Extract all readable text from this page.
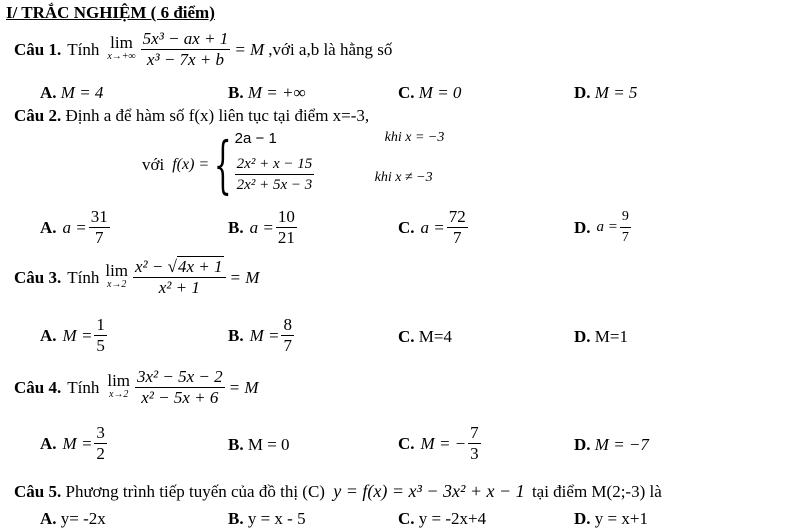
I/ TRẮC NGHIỆM ( 6 điểm)
Câu 1. Tính lim
$x\to+\infty \frac{\text{5x³ − ax + 1}}{\text{x³ − 7x + b}} = M$ ,với a,b là hằng số
A. M = 4	B. M = +∞	C. M = 0	D. M = 5
Câu 2. Định a để hàm số f(x) liên tục tại điểm x=-3,
với f(x) = { 2a − 1	khi x = −3
$\frac{\text{2x² + x − 15}}{\text{2x² + 5x − 3}}$	khi x ≠ −3
A. $a = \frac{31}{7}$	B. $a = \frac{10}{21}$	C. $a = \frac{72}{7}$	D. $a = \frac{9}{7}$
Câu 3. Tính lim
$x\to 2 \frac{\text{x² − √4x + 1}}{\text{x² + 1}} = M$
A. $M = \frac{1}{5}$	B. $M = \frac{8}{7}$	C. M=4	D. M=1
Câu 4. Tính lim
$x\to 2 \frac{\text{3x² − 5x − 2}}{\text{x² − 5x + 6}} = M$
A. $M = \frac{3}{2}$	B. M = 0	C. M = − $\frac{7}{3}$	D. M = −7
Câu 5. Phương trình tiếp tuyến của đồ thị (C) y = f(x) = x³ − 3x² + x − 1 tại điểm M(2;-3) là
A. y= -2x	B. y = x - 5	C. y = -2x+4	D. y = x+1
